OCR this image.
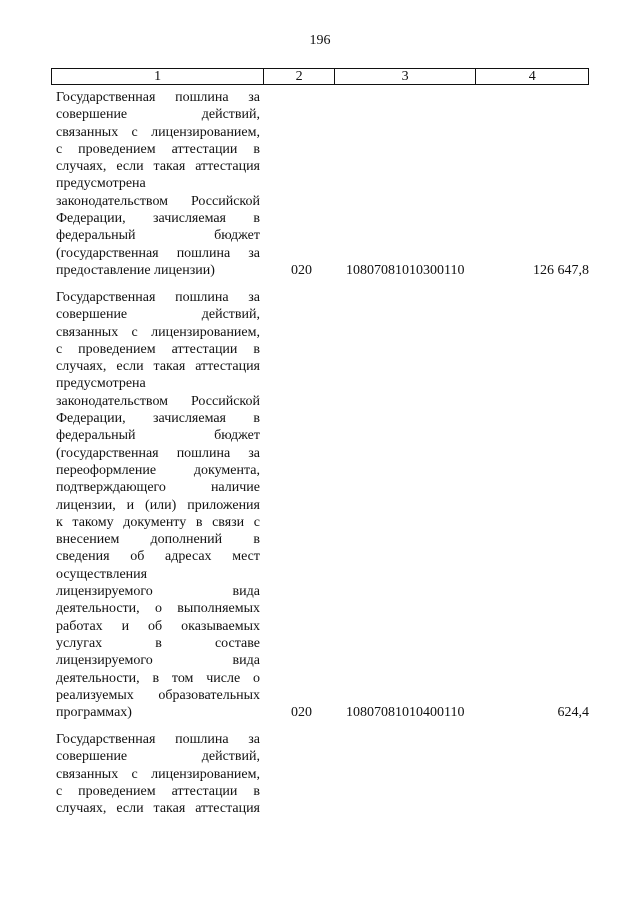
196
1	2	3	4
Государственная пошлина за
совершение действий,
связанных с лицензированием,
с проведением аттестации в
случаях, если такая аттестация
предусмотрена
законодательством Российской
Федерации, зачисляемая в
федеральный бюджет
(государственная пошлина за
предоставление лицензии)	020 10807081010300110	126 647,8
Государственная пошлина за
совершение действий,
связанных с лицензированием,
с проведением аттестации в
случаях, если такая аттестация
предусмотрена
законодательством Российской
Федерации, зачисляемая в
федеральный бюджет
(государственная пошлина за
переоформление документа,
подтверждающего наличие
лицензии, и (или) приложения
к такому документу в связи с
внесением дополнений в
сведения об адресах мест
осуществления
лицензируемого вида
деятельности, о выполняемых
работах и об оказываемых
услугах в составе
лицензируемого вида
деятельности, в том числе о
реализуемых образовательных
программах)	020 10807081010400110	624,4
Государственная пошлина за
совершение действий,
связанных с лицензированием,
с проведением аттестации в
случаях, если такая аттестация
